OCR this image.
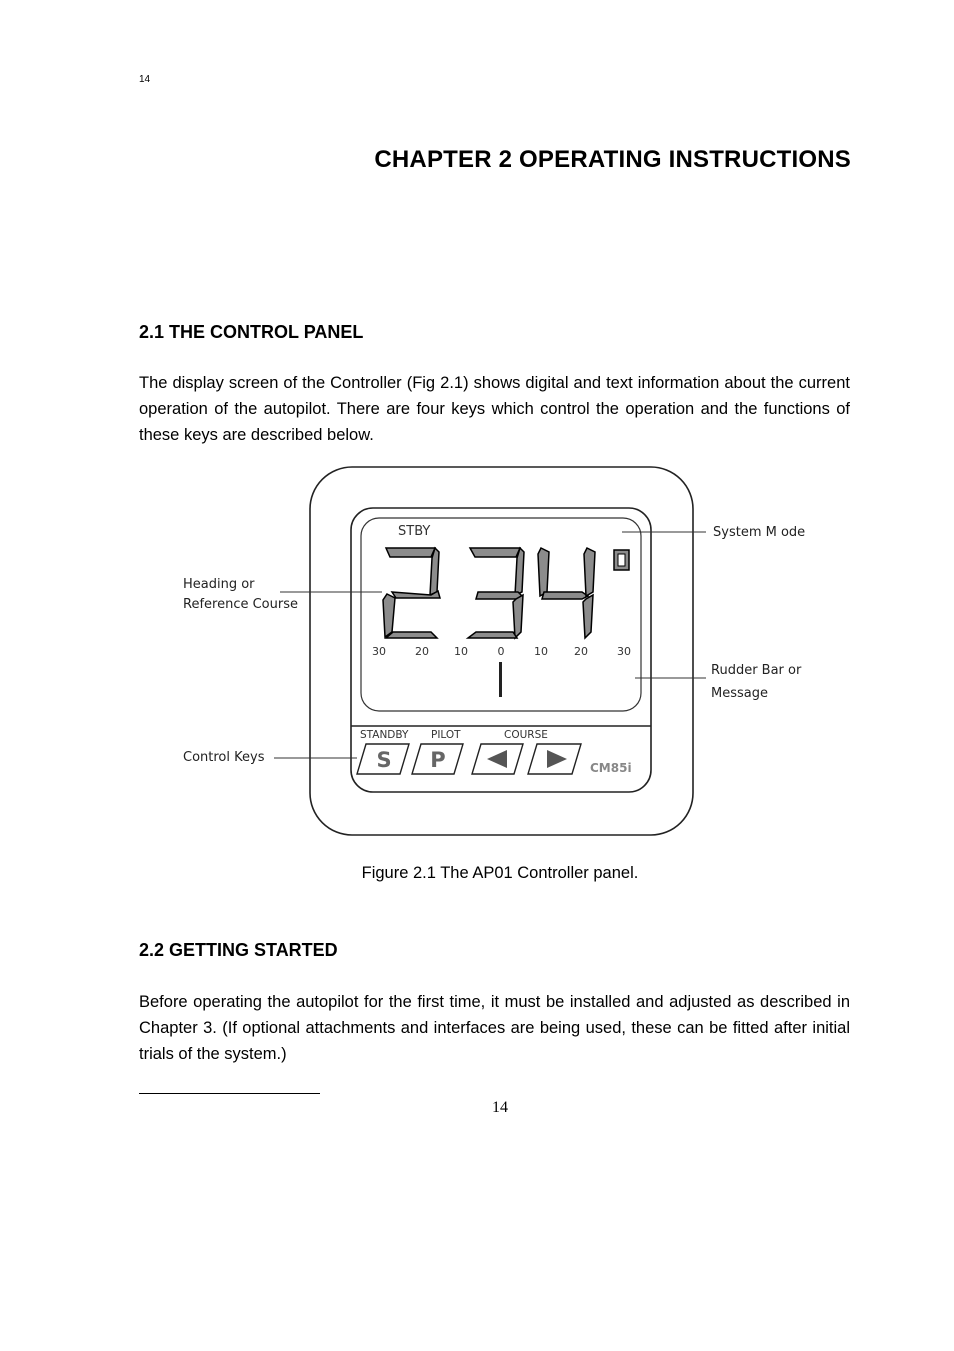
14
CHAPTER 2 OPERATING INSTRUCTIONS
2.1 THE CONTROL PANEL
The display screen of the Controller (Fig 2.1) shows digital and text information about the current operation of the autopilot. There are four keys which control the operation and the functions of these keys are described below.
STBY
30	20 10	0	10 20	30
STANDBY PILOT	COURSE
S P	CM85i
System M ode
Heading or
Reference Course
Rudder Bar or
Message
Control Keys
Figure 2.1 The AP01 Controller panel.
2.2 GETTING STARTED
Before operating the autopilot for the first time, it must be installed and adjusted as described in Chapter 3. (If optional attachments and interfaces are being used, these can be fitted after initial trials of the system.)
14
